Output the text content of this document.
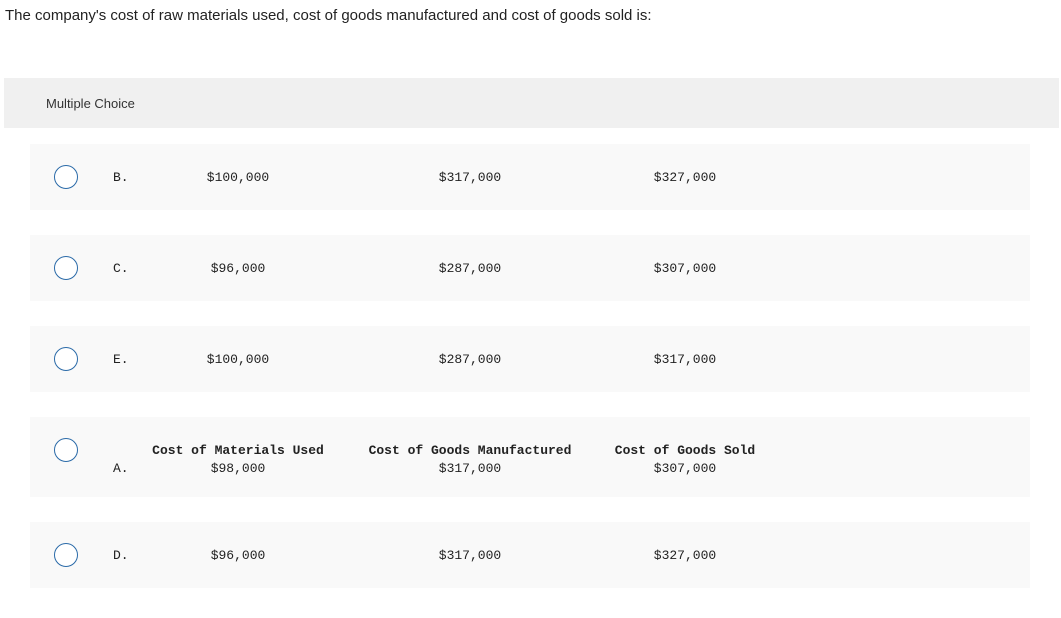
The company's cost of raw materials used, cost of goods manufactured and cost of goods sold is:
Multiple Choice
B.	$100,000	$317,000	$327,000
C.	$96,000	$287,000	$307,000
E.	$100,000	$287,000	$317,000
A.
Cost of Materials Used	Cost of Goods Manufactured	Cost of Goods Sold
$98,000	$317,000	$307,000
D.	$96,000	$317,000	$327,000
